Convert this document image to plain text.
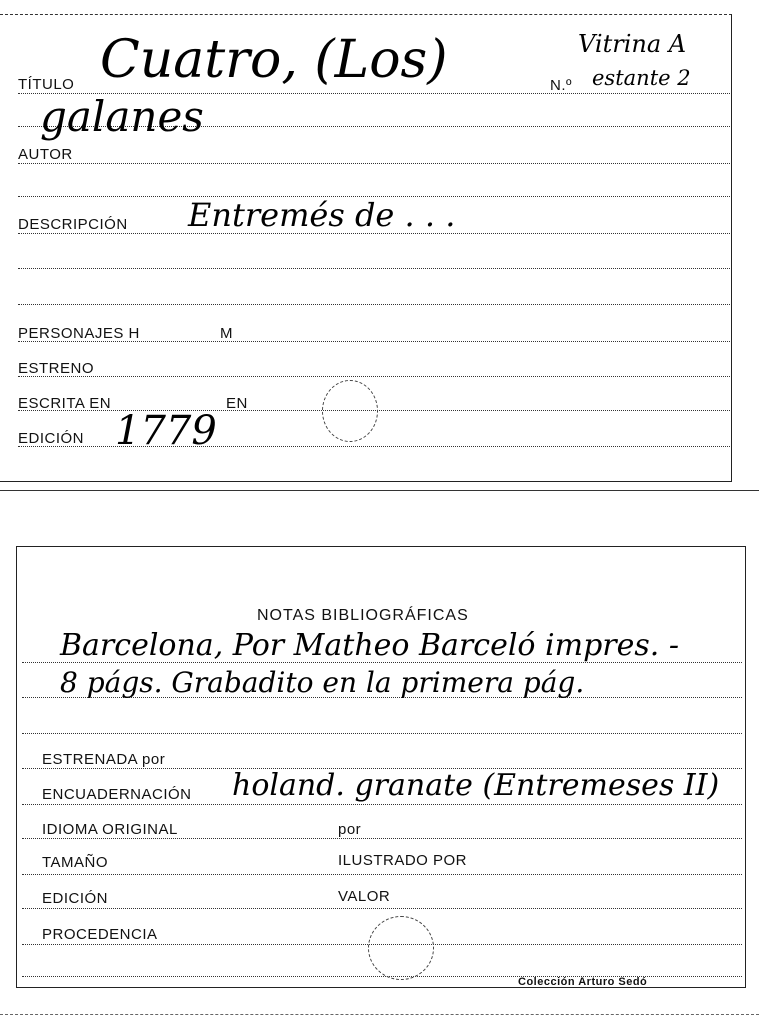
TÍTULO Cuatro, (Los)
galanes
N.º
Vitrina A
estante 2
AUTOR
DESCRIPCIÓN Entremés de . . .
PERSONAJES H	M
ESTRENO
ESCRITA EN	EN
EDICIÓN 1779
NOTAS BIBLIOGRÁFICAS
Barcelona, Por Matheo Barceló impres. -
8 págs. Grabadito en la primera pág.
ESTRENADA por
ENCUADERNACIÓN holand. granate (Entremeses II)
IDIOMA ORIGINAL	por
TAMAÑO	ILUSTRADO POR
EDICIÓN	VALOR
PROCEDENCIA
Colección Arturo Sedó
